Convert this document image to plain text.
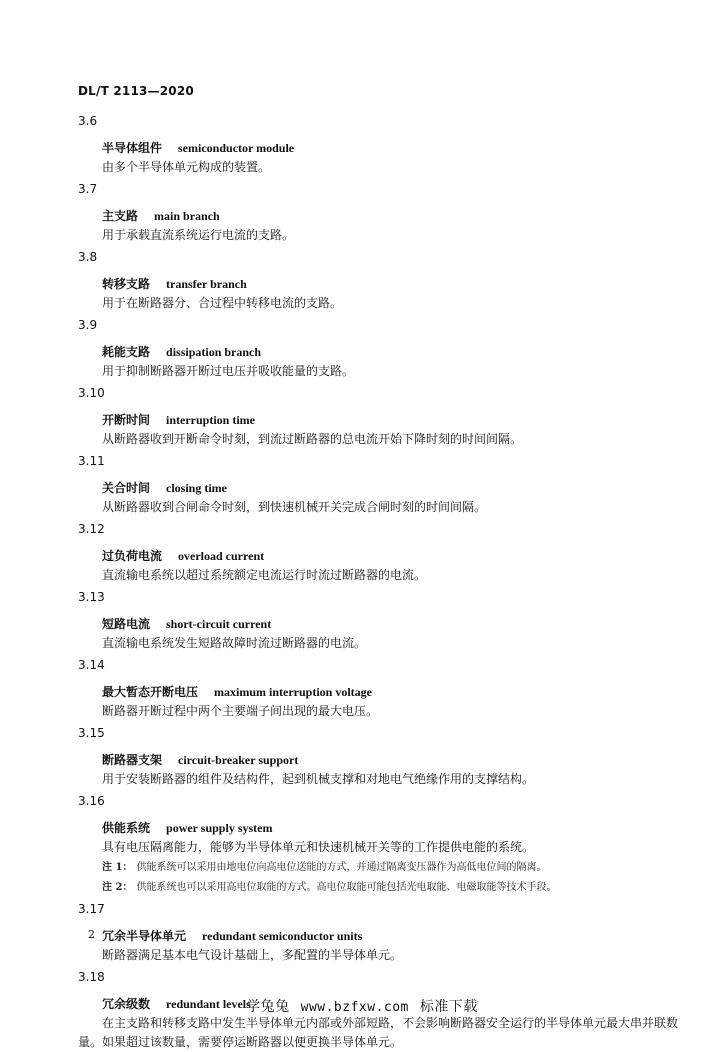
DL/T 2113—2020
3.6
半导体组件 semiconductor module
由多个半导体单元构成的装置。
3.7
主支路 main branch
用于承载直流系统运行电流的支路。
3.8
转移支路 transfer branch
用于在断路器分、合过程中转移电流的支路。
3.9
耗能支路 dissipation branch
用于抑制断路器开断过电压并吸收能量的支路。
3.10
开断时间 interruption time
从断路器收到开断命令时刻，到流过断路器的总电流开始下降时刻的时间间隔。
3.11
关合时间 closing time
从断路器收到合闸命令时刻，到快速机械开关完成合闸时刻的时间间隔。
3.12
过负荷电流 overload current
直流输电系统以超过系统额定电流运行时流过断路器的电流。
3.13
短路电流 short-circuit current
直流输电系统发生短路故障时流过断路器的电流。
3.14
最大暂态开断电压 maximum interruption voltage
断路器开断过程中两个主要端子间出现的最大电压。
3.15
断路器支架 circuit-breaker support
用于安装断路器的组件及结构件，起到机械支撑和对地电气绝缘作用的支撑结构。
3.16
供能系统 power supply system
具有电压隔离能力，能够为半导体单元和快速机械开关等的工作提供电能的系统。
注 1： 供能系统可以采用由地电位向高电位送能的方式，并通过隔离变压器作为高低电位间的隔离。
注 2： 供能系统也可以采用高电位取能的方式。高电位取能可能包括光电取能、电磁取能等技术手段。
3.17
冗余半导体单元 redundant semiconductor units
断路器满足基本电气设计基础上，多配置的半导体单元。
3.18
冗余级数 redundant levels
在主支路和转移支路中发生半导体单元内部或外部短路，不会影响断路器安全运行的半导体单元最大串并联数量。如果超过该数量，需要停运断路器以便更换半导体单元。
2
学兔兔 www.bzfxw.com 标准下载
